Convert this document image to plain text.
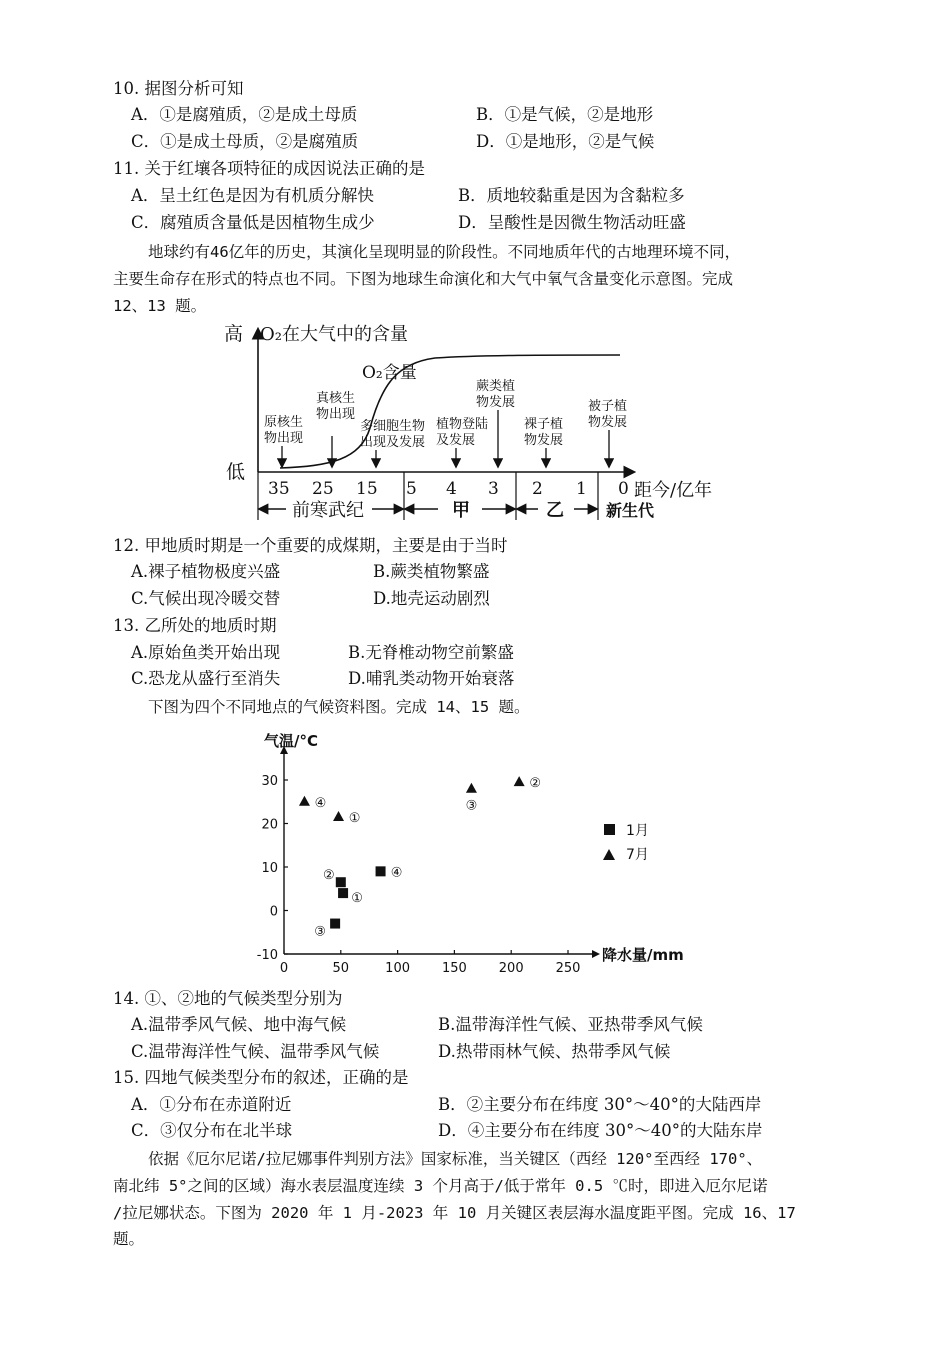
10. 据图分析可知
A．①是腐殖质，②是成土母质	B．①是气候，②是地形
C．①是成土母质，②是腐殖质	D．①是地形，②是气候
11. 关于红壤各项特征的成因说法正确的是
A．呈土红色是因为有机质分解快	B．质地较黏重是因为含黏粒多
C．腐殖质含量低是因植物生成少	D．呈酸性是因微生物活动旺盛
地球约有46亿年的历史，其演化呈现明显的阶段性。不同地质年代的古地理环境不同，
主要生命存在形式的特点也不同。下图为地球生命演化和大气中氧气含量变化示意图。完成
12、13 题。
高
低
O₂在大气中的含量
O₂含量
原核生
物出现
真核生
物出现
多细胞生物
出现及发展
植物登陆
及发展
蕨类植
物发展
裸子植
物发展
被子植
物发展
35 25 15 5 4 3 2 1 0 距今/亿年
前寒武纪	甲	乙	新生代
12. 甲地质时期是一个重要的成煤期，主要是由于当时
A.裸子植物极度兴盛	B.蕨类植物繁盛
C.气候出现冷暖交替	D.地壳运动剧烈
13. 乙所处的地质时期
A.原始鱼类开始出现	B.无脊椎动物空前繁盛
C.恐龙从盛行至消失	D.哺乳类动物开始衰落
下图为四个不同地点的气候资料图。完成 14、15 题。
0	50	100 150 200 250
-10
0
10
20
30
②
①
④
③
④
①
③
②
气温/°C
降水量/mm
1月
7月
14. ①、②地的气候类型分别为
A.温带季风气候、地中海气候	B.温带海洋性气候、亚热带季风气候
C.温带海洋性气候、温带季风气候	D.热带雨林气候、热带季风气候
15. 四地气候类型分布的叙述，正确的是
A．①分布在赤道附近	B．②主要分布在纬度 30°～40°的大陆西岸
C．③仅分布在北半球	D．④主要分布在纬度 30°～40°的大陆东岸
依据《厄尔尼诺/拉尼娜事件判别方法》国家标准，当关键区（西经 120°至西经 170°、
南北纬 5°之间的区域）海水表层温度连续 3 个月高于/低于常年 0.5 ℃时，即进入厄尔尼诺
/拉尼娜状态。下图为 2020 年 1 月-2023 年 10 月关键区表层海水温度距平图。完成 16、17
题。
